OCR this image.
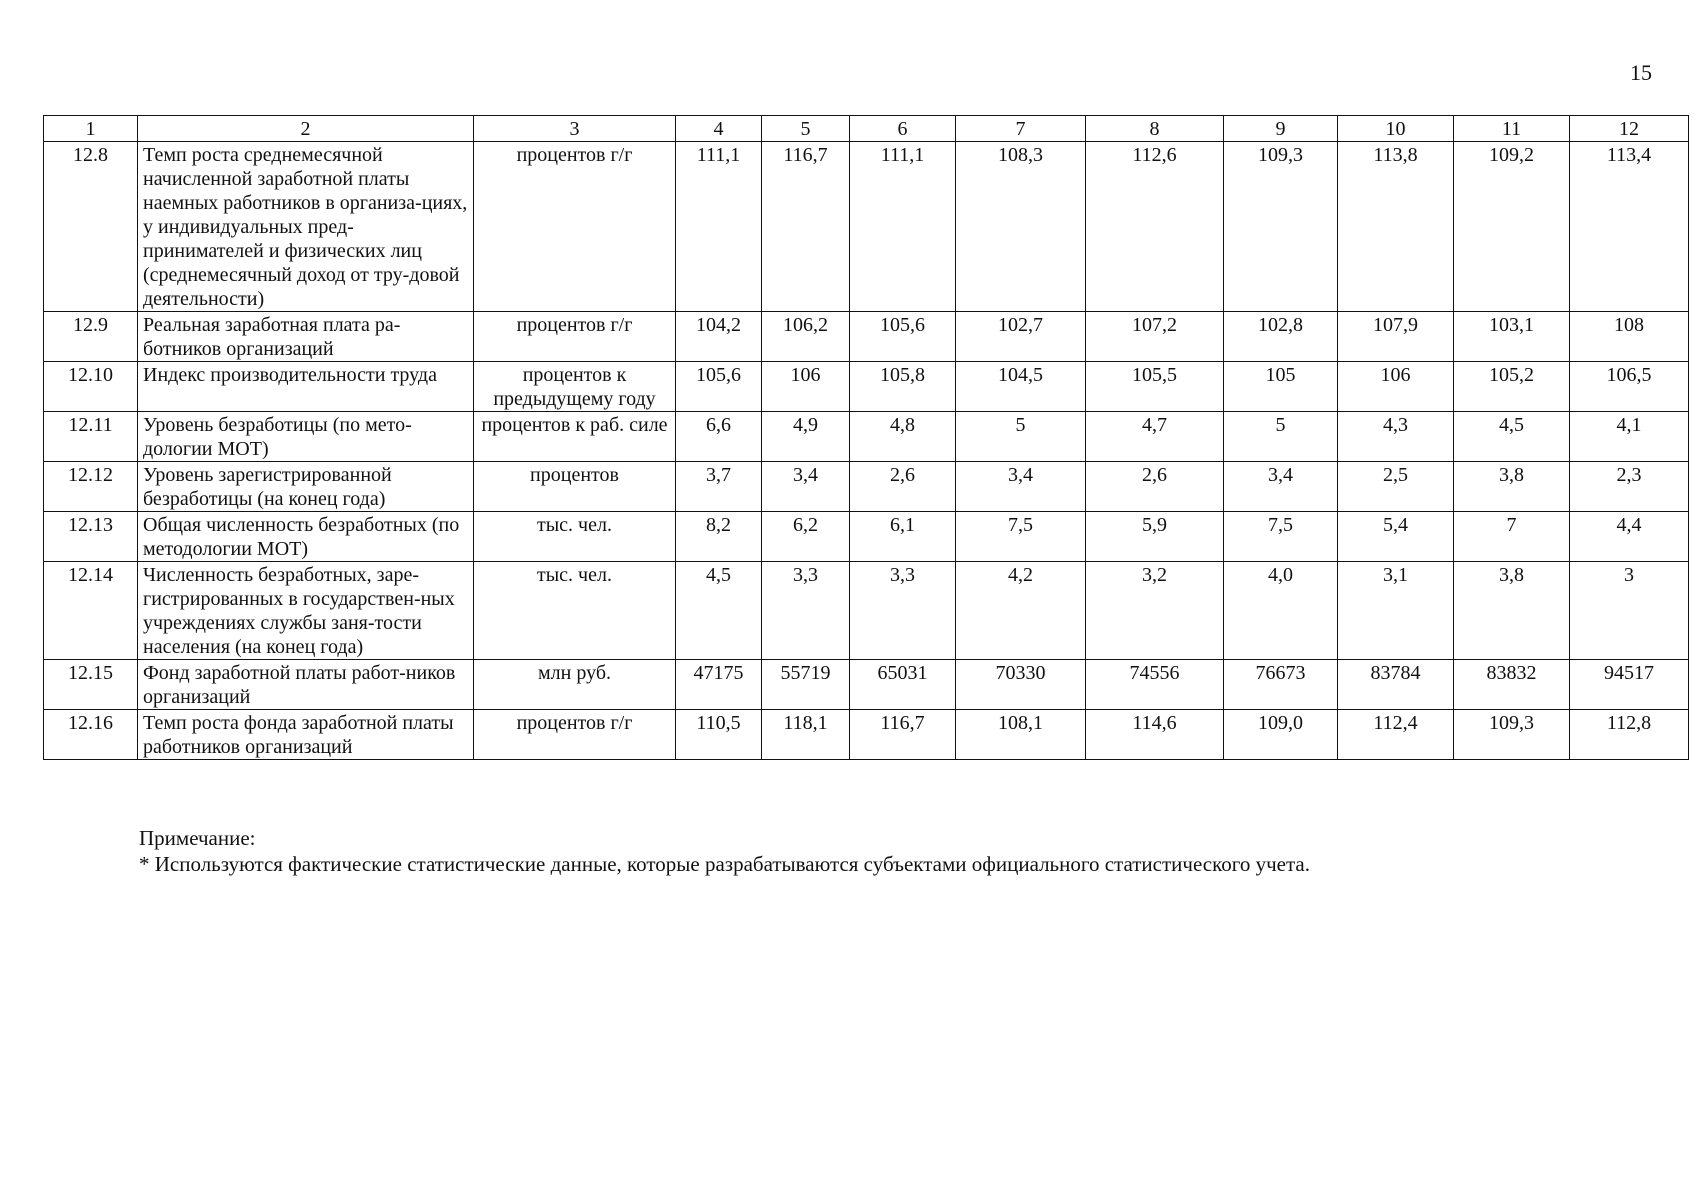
15
1	2	3	4	5	6	7	8	9	10	11	12
12.8	Темп роста среднемесячной начисленной заработной платы наемных работников в организа-циях, у индивидуальных пред-принимателей и физических лиц (среднемесячный доход от тру-довой деятельности)	процентов г/г	111,1	116,7	111,1	108,3	112,6	109,3	113,8	109,2	113,4
12.9	Реальная заработная плата ра-ботников организаций	процентов г/г	104,2	106,2	105,6	102,7	107,2	102,8	107,9	103,1	108
12.10	Индекс производительности труда	процентов к предыдущему году	105,6	106	105,8	104,5	105,5	105	106	105,2	106,5
12.11	Уровень безработицы (по мето-дологии МОТ)	процентов к раб. силе	6,6	4,9	4,8	5	4,7	5	4,3	4,5	4,1
12.12	Уровень зарегистрированной безработицы (на конец года)	процентов	3,7	3,4	2,6	3,4	2,6	3,4	2,5	3,8	2,3
12.13	Общая численность безработных (по методологии МОТ)	тыс. чел.	8,2	6,2	6,1	7,5	5,9	7,5	5,4	7	4,4
12.14	Численность безработных, заре-гистрированных в государствен-ных учреждениях службы заня-тости населения (на конец года)	тыс. чел.	4,5	3,3	3,3	4,2	3,2	4,0	3,1	3,8	3
12.15	Фонд заработной платы работ-ников организаций	млн руб.	47175	55719	65031	70330	74556	76673	83784	83832	94517
12.16	Темп роста фонда заработной платы работников организаций	процентов г/г	110,5	118,1	116,7	108,1	114,6	109,0	112,4	109,3	112,8
Примечание:
* Используются фактические статистические данные, которые разрабатываются субъектами официального статистического учета.
